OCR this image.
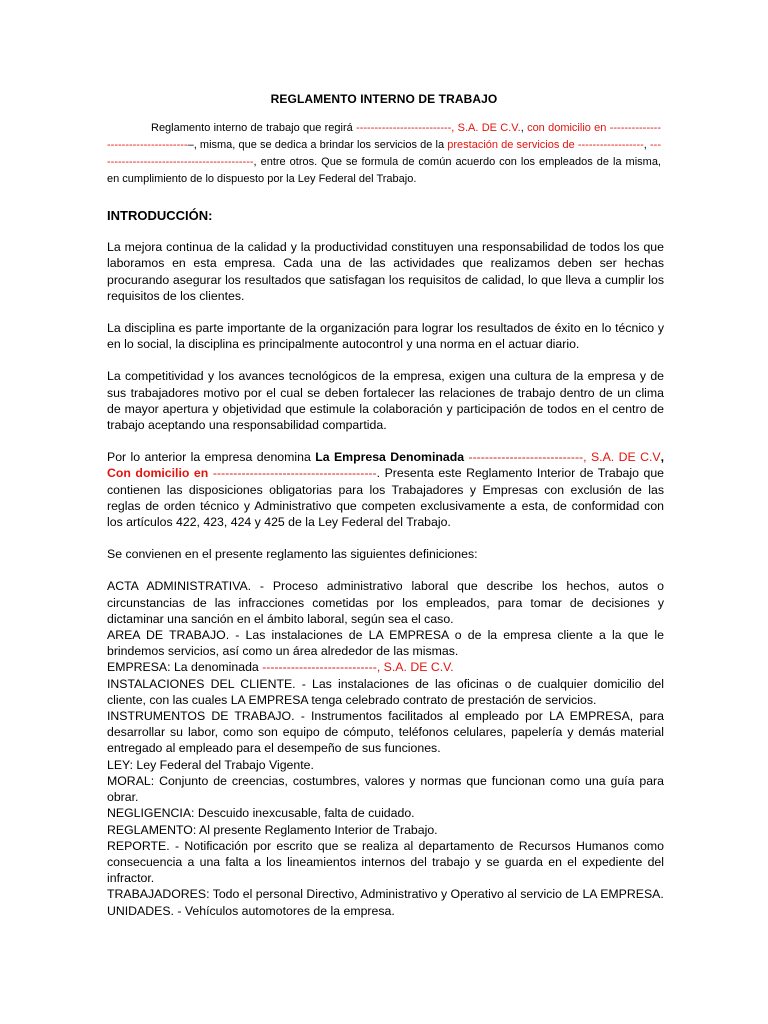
REGLAMENTO INTERNO DE TRABAJO
Reglamento interno de trabajo que regirá --------------------------, S.A. DE C.V., con domicilio en ------------------------------------–, misma, que se dedica a brindar los servicios de la prestación de servicios de ------------------, -------------------------------------------, entre otros. Que se formula de común acuerdo con los empleados de la misma, en cumplimiento de lo dispuesto por la Ley Federal del Trabajo.
INTRODUCCIÓN:
La mejora continua de la calidad y la productividad constituyen una responsabilidad de todos los que laboramos en esta empresa. Cada una de las actividades que realizamos deben ser hechas procurando asegurar los resultados que satisfagan los requisitos de calidad, lo que lleva a cumplir los requisitos de los clientes.
La disciplina es parte importante de la organización para lograr los resultados de éxito en lo técnico y en lo social, la disciplina es principalmente autocontrol y una norma en el actuar diario.
La competitividad y los avances tecnológicos de la empresa, exigen una cultura de la empresa y de sus trabajadores motivo por el cual se deben fortalecer las relaciones de trabajo dentro de un clima de mayor apertura y objetividad que estimule la colaboración y participación de todos en el centro de trabajo aceptando una responsabilidad compartida.
Por lo anterior la empresa denomina La Empresa Denominada ----------------------------, S.A. DE C.V, Con domicilio en ----------------------------------------. Presenta este Reglamento Interior de Trabajo que contienen las disposiciones obligatorias para los Trabajadores y Empresas con exclusión de las reglas de orden técnico y Administrativo que competen exclusivamente a esta, de conformidad con los artículos 422, 423, 424 y 425 de la Ley Federal del Trabajo.
Se convienen en el presente reglamento las siguientes definiciones:
ACTA ADMINISTRATIVA. - Proceso administrativo laboral que describe los hechos, autos o circunstancias de las infracciones cometidas por los empleados, para tomar de decisiones y dictaminar una sanción en el ámbito laboral, según sea el caso.
AREA DE TRABAJO. - Las instalaciones de LA EMPRESA o de la empresa cliente a la que le brindemos servicios, así como un área alrededor de las mismas.
EMPRESA: La denominada ----------------------------, S.A. DE C.V.
INSTALACIONES DEL CLIENTE. - Las instalaciones de las oficinas o de cualquier domicilio del cliente, con las cuales LA EMPRESA tenga celebrado contrato de prestación de servicios.
INSTRUMENTOS DE TRABAJO. - Instrumentos facilitados al empleado por LA EMPRESA, para desarrollar su labor, como son equipo de cómputo, teléfonos celulares, papelería y demás material entregado al empleado para el desempeño de sus funciones.
LEY: Ley Federal del Trabajo Vigente.
MORAL: Conjunto de creencias, costumbres, valores y normas que funcionan como una guía para obrar.
NEGLIGENCIA: Descuido inexcusable, falta de cuidado.
REGLAMENTO: Al presente Reglamento Interior de Trabajo.
REPORTE. - Notificación por escrito que se realiza al departamento de Recursos Humanos como consecuencia a una falta a los lineamientos internos del trabajo y se guarda en el expediente del infractor.
TRABAJADORES: Todo el personal Directivo, Administrativo y Operativo al servicio de LA EMPRESA.
UNIDADES. - Vehículos automotores de la empresa.
